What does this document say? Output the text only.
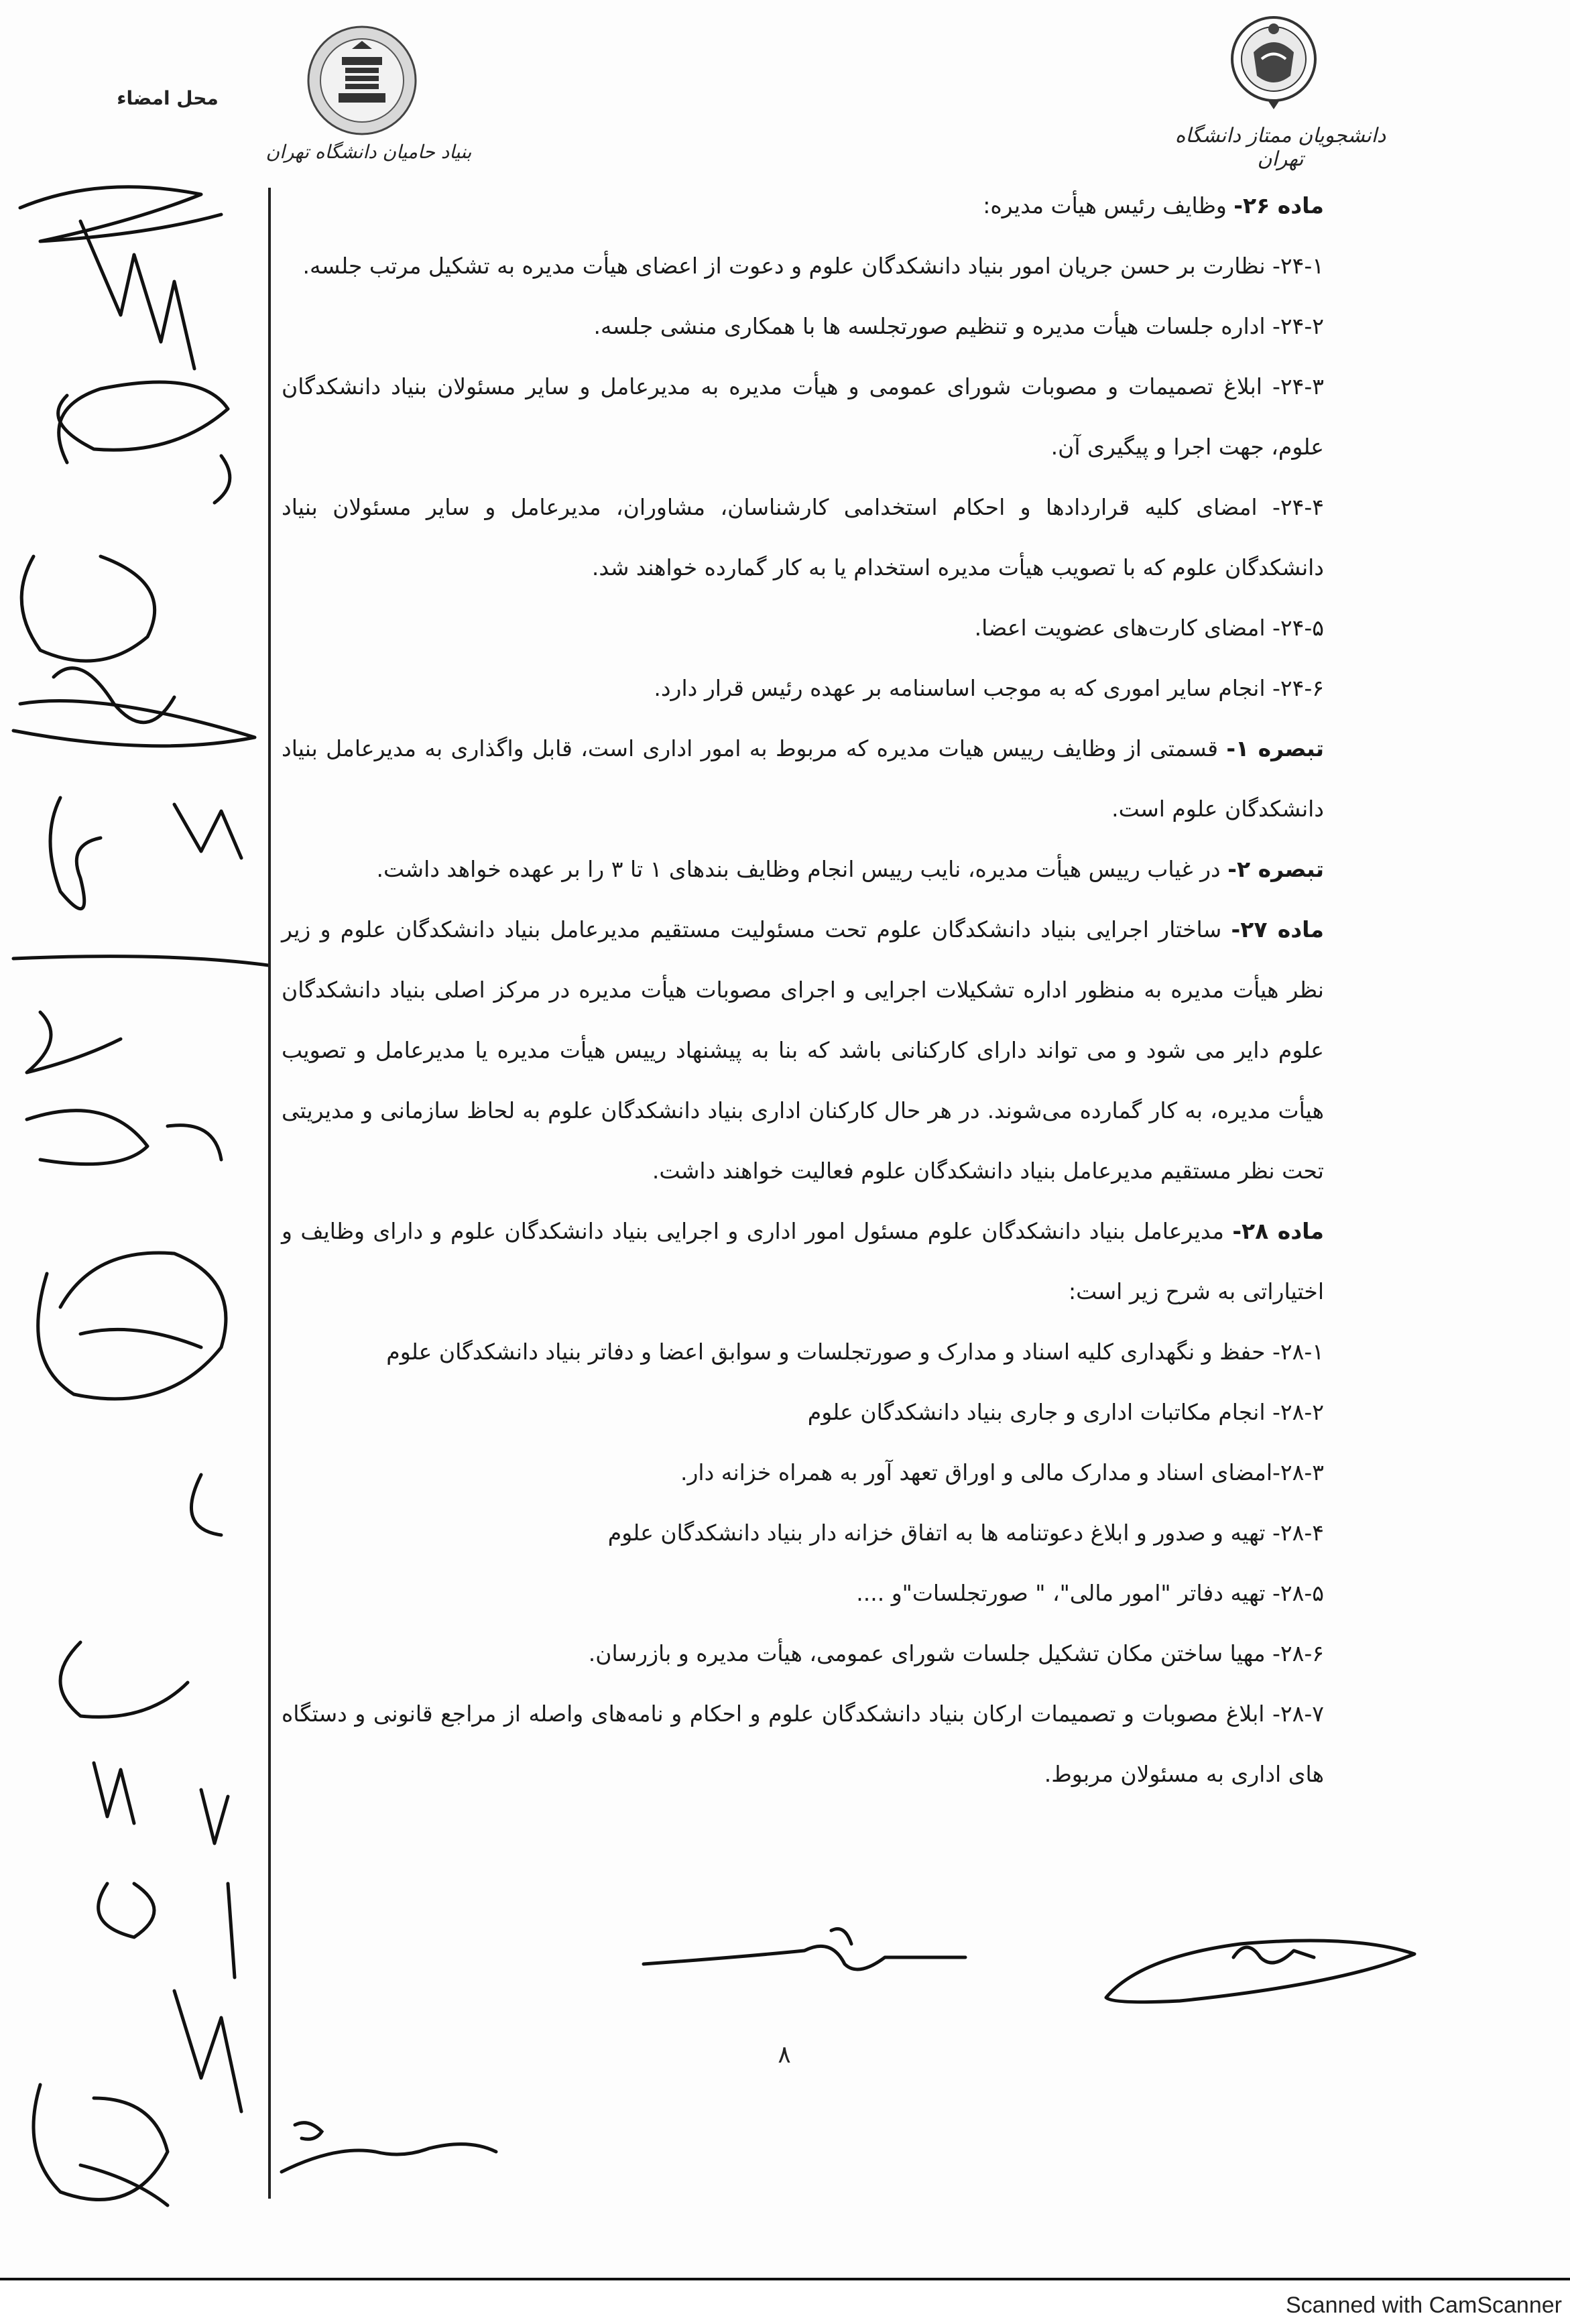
دانشجویان ممتاز دانشگاه تهران
بنیاد حامیان دانشگاه تهران
محل امضاء

ماده ۲۶- وظایف رئیس هیأت مدیره:

۲۴-۱- نظارت بر حسن جریان امور بنیاد دانشکدگان علوم و دعوت از اعضای هیأت مدیره به تشکیل مرتب جلسه.

۲۴-۲- اداره جلسات هیأت مدیره و تنظیم صورتجلسه ها با همکاری منشی جلسه.

۲۴-۳- ابلاغ تصمیمات و مصوبات شورای عمومی و هیأت مدیره به مدیرعامل و سایر مسئولان بنیاد دانشکدگان علوم، جهت اجرا و پیگیری آن.

۲۴-۴- امضای کلیه قراردادها و احکام استخدامی کارشناسان، مشاوران، مدیرعامل و سایر مسئولان بنیاد دانشکدگان علوم که با تصویب هیأت مدیره استخدام یا به کار گمارده خواهند شد.

۲۴-۵- امضای کارت‌های عضویت اعضا.

۲۴-۶- انجام سایر اموری که به موجب اساسنامه بر عهده رئیس قرار دارد.

تبصره ۱- قسمتی از وظایف رییس هیات مدیره که مربوط به امور اداری است، قابل واگذاری به مدیرعامل بنیاد دانشکدگان علوم است.

تبصره ۲- در غیاب رییس هیأت مدیره، نایب رییس انجام وظایف بندهای ۱ تا ۳ را بر عهده خواهد داشت.

ماده ۲۷- ساختار اجرایی بنیاد دانشکدگان علوم تحت مسئولیت مستقیم مدیرعامل بنیاد دانشکدگان علوم و زیر نظر هیأت مدیره به منظور اداره تشکیلات اجرایی و اجرای مصوبات هیأت مدیره در مرکز اصلی بنیاد دانشکدگان علوم دایر می شود و می تواند دارای کارکنانی باشد که بنا به پیشنهاد رییس هیأت مدیره یا مدیرعامل و تصویب هیأت مدیره، به کار گمارده می‌شوند. در هر حال کارکنان اداری بنیاد دانشکدگان علوم به لحاظ سازمانی و مدیریتی تحت نظر مستقیم مدیرعامل بنیاد دانشکدگان علوم فعالیت خواهند داشت.

ماده ۲۸- مدیرعامل بنیاد دانشکدگان علوم مسئول امور اداری و اجرایی بنیاد دانشکدگان علوم و دارای وظایف و اختیاراتی به شرح زیر است:

۲۸-۱- حفظ و نگهداری کلیه اسناد و مدارک و صورتجلسات و سوابق اعضا و دفاتر بنیاد دانشکدگان علوم

۲۸-۲- انجام مکاتبات اداری و جاری بنیاد دانشکدگان علوم

۲۸-۳-امضای اسناد و مدارک مالی و اوراق تعهد آور به همراه خزانه دار.

۲۸-۴- تهیه و صدور و ابلاغ دعوتنامه ها به اتفاق خزانه دار بنیاد دانشکدگان علوم

۲۸-۵- تهیه دفاتر "امور مالی"، " صورتجلسات"و ....

۲۸-۶- مهیا ساختن مکان تشکیل جلسات شورای عمومی، هیأت مدیره و بازرسان.

۲۸-۷- ابلاغ مصوبات و تصمیمات ارکان بنیاد دانشکدگان علوم و احکام و نامه‌های واصله از مراجع قانونی و دستگاه های اداری به مسئولان مربوط.

۸
Scanned with CamScanner
